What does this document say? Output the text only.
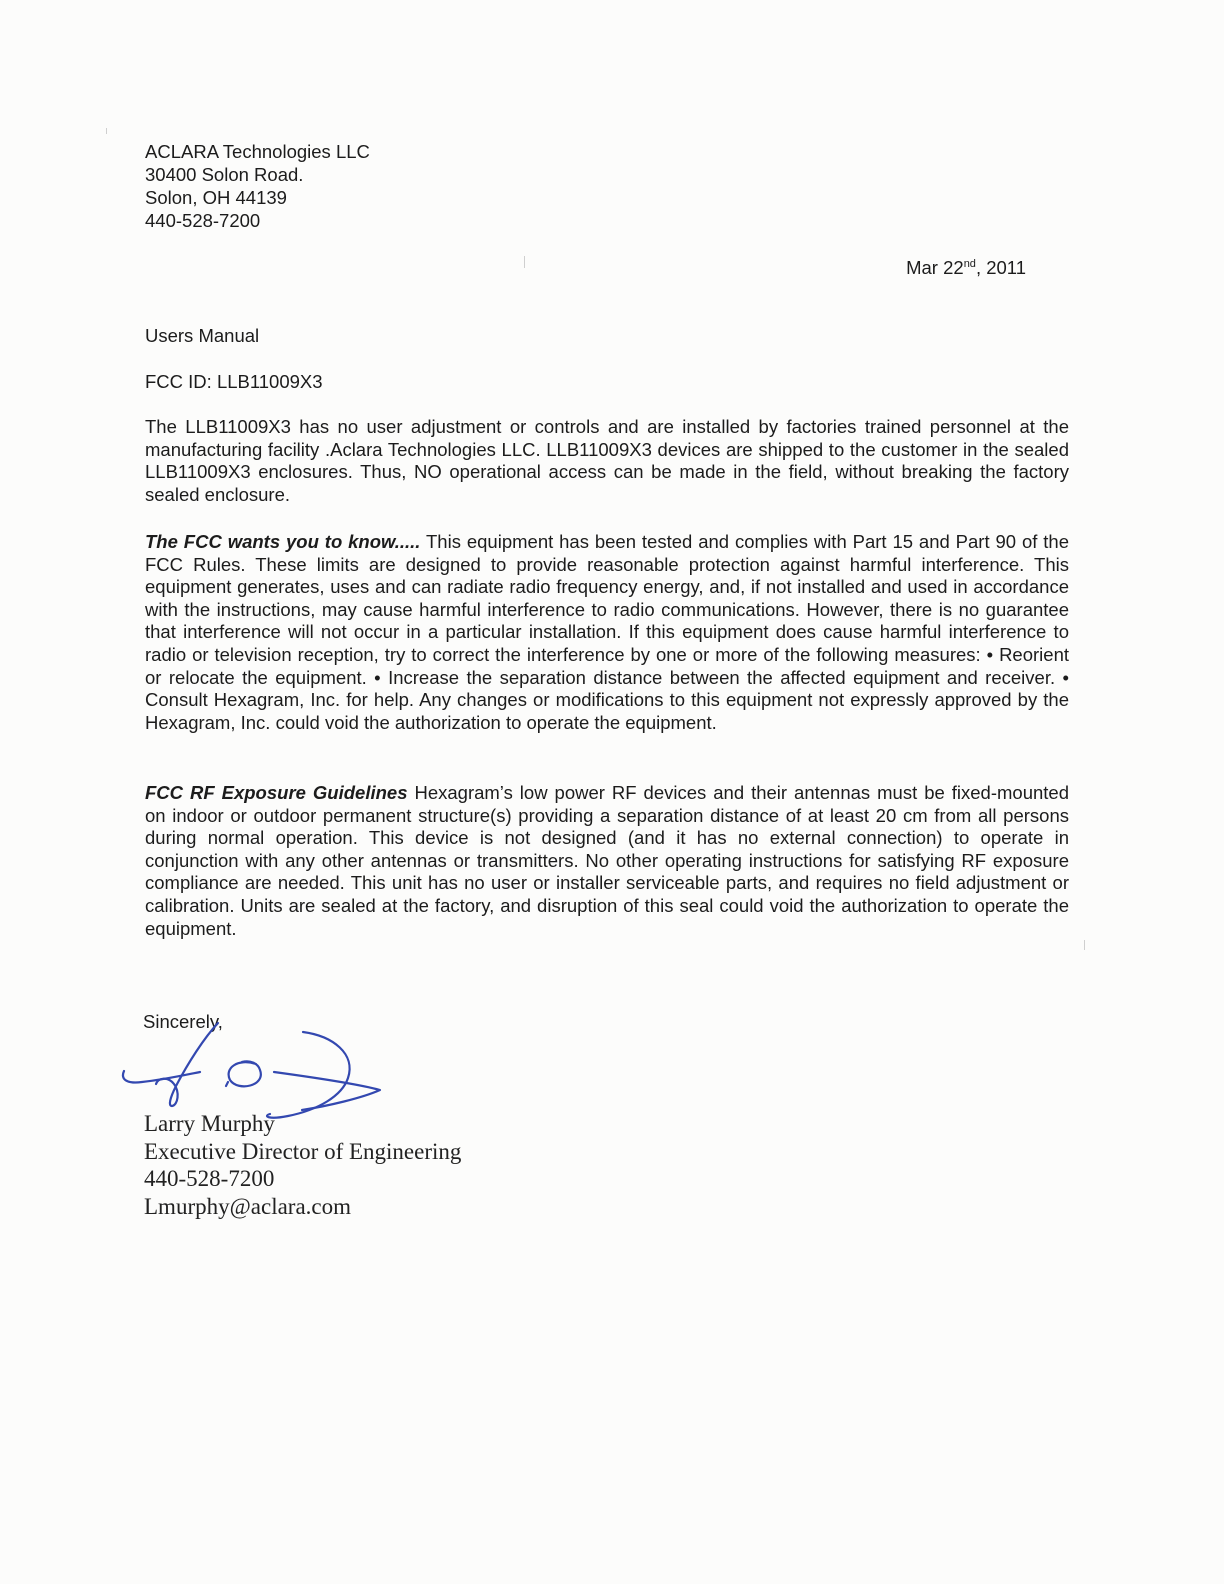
ACLARA Technologies LLC
30400 Solon Road.
Solon, OH 44139
440-528-7200
Mar 22nd, 2011
Users Manual
FCC ID: LLB11009X3

The LLB11009X3 has no user adjustment or controls and are installed by factories trained personnel at the manufacturing facility .Aclara Technologies LLC. LLB11009X3 devices are shipped to the customer in the sealed LLB11009X3 enclosures. Thus, NO operational access can be made in the field, without breaking the factory sealed enclosure.

The FCC wants you to know..... This equipment has been tested and complies with Part 15 and Part 90 of the FCC Rules. These limits are designed to provide reasonable protection against harmful interference. This equipment generates, uses and can radiate radio frequency energy, and, if not installed and used in accordance with the instructions, may cause harmful interference to radio communications. However, there is no guarantee that interference will not occur in a particular installation. If this equipment does cause harmful interference to radio or television reception, try to correct the interference by one or more of the following measures: • Reorient or relocate the equipment. • Increase the separation distance between the affected equipment and receiver. • Consult Hexagram, Inc. for help. Any changes or modifications to this equipment not expressly approved by the Hexagram, Inc. could void the authorization to operate the equipment.

FCC RF Exposure Guidelines Hexagram’s low power RF devices and their antennas must be fixed-mounted on indoor or outdoor permanent structure(s) providing a separation distance of at least 20 cm from all persons during normal operation. This device is not designed (and it has no external connection) to operate in conjunction with any other antennas or transmitters. No other operating instructions for satisfying RF exposure compliance are needed. This unit has no user or installer serviceable parts, and requires no field adjustment or calibration. Units are sealed at the factory, and disruption of this seal could void the authorization to operate the equipment.

Sincerely,
Larry Murphy
Executive Director of Engineering
440-528-7200
Lmurphy@aclara.com
